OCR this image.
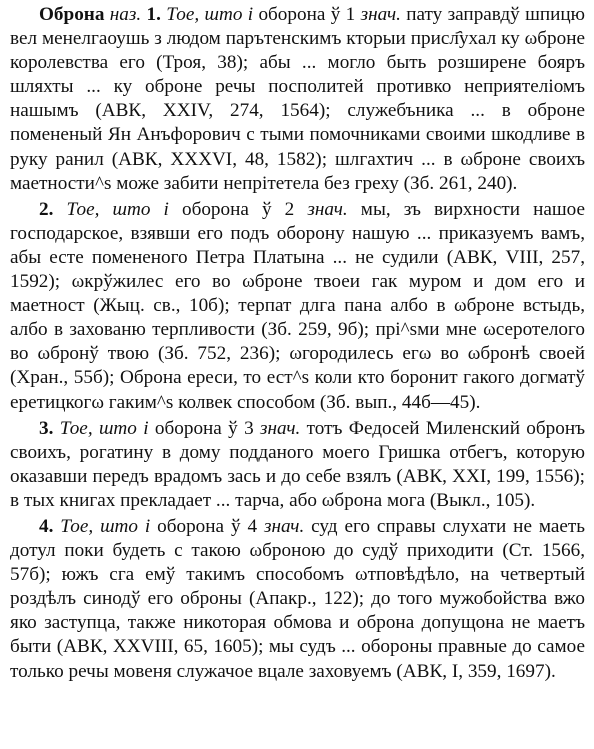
Оброна наз. 1. Тое, што і оборона ў 1 знач. пату заправдў шпицю вел менелгаоушь з людом парътенскимъ кторыи присл҄ухал ку ωброне королевства его (Троя, 38); абы ... могло быть розширене бояръ шляхты ... ку оброне речы посполитей противко неприятеліомъ нашымъ (АВК, XXIV, 274, 1564); служебъника ... в оброне помененый Ян Анъфорович с тыми помочниками своими шкодливе в руку ранил (АВК, XXXVI, 48, 1582); шлгахтич ... в ωброне своихъ маетности^s може забити непрітетела без греху (Зб. 261, 240).

2. Тое, што і оборона ў 2 знач. мы, зъ вирхности нашое господарское, взявши его подъ оборону нашую ... приказуемъ вамъ, абы есте помененого Петра Платына ... не судили (АВК, VIII, 257, 1592); ωкрўжилес его во ωброне твоеи гак муром и дом его и маетност (Жыц. св., 10б); терпат длга пана албо в ωброне встыдь, албо в захованю терпливости (Зб. 259, 9б); прі^sми мне ωсеротелого во ωбронў твою (Зб. 752, 236); ωгородилесь егω во ωбронѣ своей (Хран., 55б); Оброна ереси, то ест^s коли кто боронит гакого догматў еретицкогω гаким^s колвек способом (Зб. вып., 44б—45).

3. Тое, што і оборона ў 3 знач. тотъ Федосей Миленский обронъ своихъ, рогатину в дому подданого моего Гришка отбегъ, которую оказавши передъ врадомъ зась и до себе взялъ (АВК, XXI, 199, 1556); в тых книгах прекладает ... тарча, або ωброна мога (Выкл., 105).

4. Тое, што і оборона ў 4 знач. суд его справы слухати не маеть дотул поки будеть с такою ωброною до судў приходити (Ст. 1566, 57б); южъ сга емў такимъ способомъ ωтповѣдѣло, на четвертый роздѣлъ синодў его оброны (Апакр., 122); до того мужобойства вжо яко заступца, также никоторая обмова и оброна допущона не маетъ быти (АВК, XXVIII, 65, 1605); мы судъ ... обороны правные до самое только речы мовеня служачое вцале заховуемъ (АВК, І, 359, 1697).
